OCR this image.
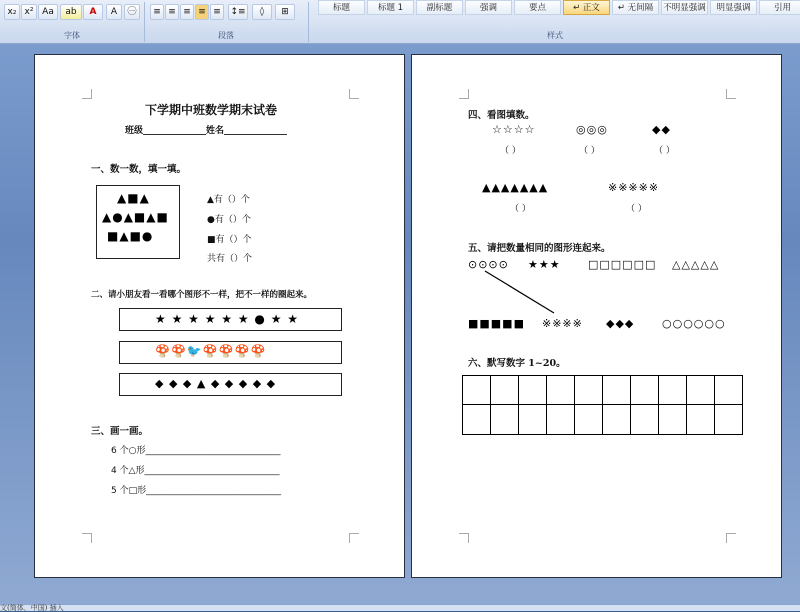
x₂ x² Aa	ab	A	A	㊀
字体
≡ ≡ ≡ ≡ ≡	↕≡	◊	⊞
段落
标题	标题 1	副标题	强调	要点	↵ 正文	↵ 无间隔	不明显强调	明显强调	引用
样式
下学期中班数学期末试卷
班级______________姓名______________
一、数一数，填一填。
▲■▲
▲●▲■▲■
■▲■●
▲有（）个
●有（）个
■有（）个
共有（）个
二、请小朋友看一看哪个图形不一样，把不一样的圈起来。
★ ★ ★ ★ ★ ★ ● ★ ★
🍄🍄🐦🍄🍄🍄🍄
◆ ◆ ◆ ▲ ◆ ◆ ◆ ◆ ◆
三、画一画。
6 个○形______________________________
4 个△形______________________________
5 个□形______________________________
四、看图填数。
☆☆☆☆	◎◎◎	◆◆
（ ）	（ ）	（ ）
▲▲▲▲▲▲▲	※※※※※
（ ）	（ ）
五、请把数量相同的图形连起来。
⊙⊙⊙⊙ ★★★ □□□□□□ △△△△△
■■■■■ ※※※※ ◆◆◆	○○○○○○
六、默写数字 1~20。
文(简体，中国) 插入
